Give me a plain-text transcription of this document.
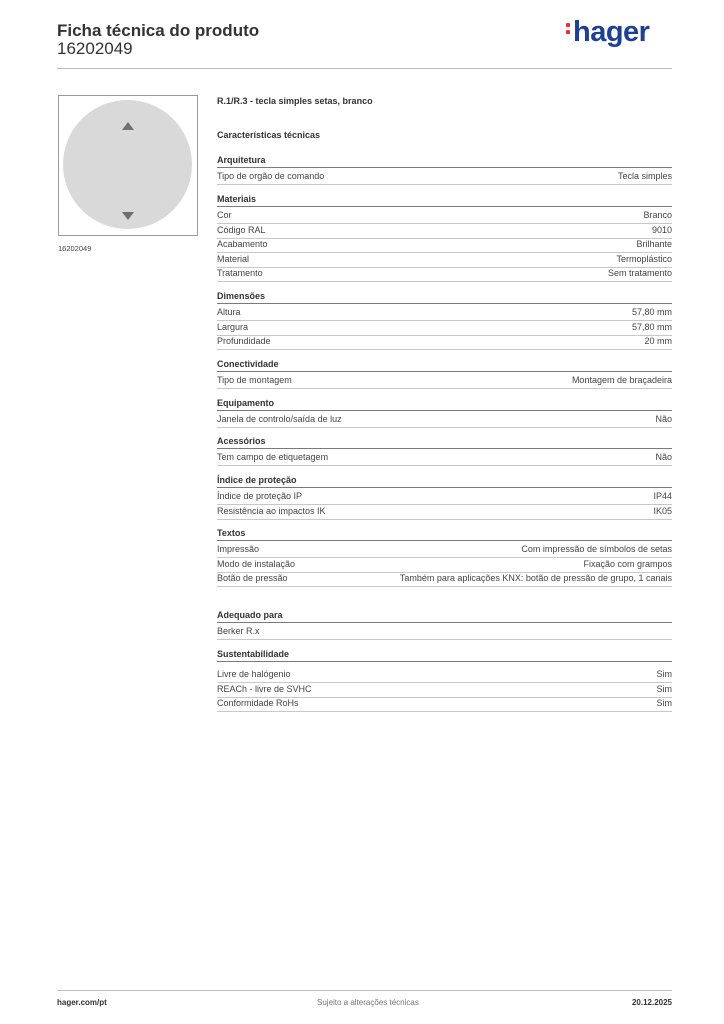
Ficha técnica do produto
16202049
hager
16202049
R.1/R.3 - tecla simples setas, branco
Características técnicas
Arquitetura
Tipo de orgão de comando	Tecla simples
Materiais
Cor	Branco
Código RAL	9010
Acabamento	Brilhante
Material	Termoplástico
Tratamento	Sem tratamento
Dimensões
Altura	57,80 mm
Largura	57,80 mm
Profundidade	20 mm
Conectividade
Tipo de montagem	Montagem de braçadeira
Equipamento
Janela de controlo/saída de luz	Não
Acessórios
Tem campo de etiquetagem	Não
Índice de proteção
Índice de proteção IP	IP44
Resistência ao impactos IK	IK05
Textos
Impressão	Com impressão de símbolos de setas
Modo de instalação	Fixação com grampos
Botão de pressão	Também para aplicações KNX: botão de pressão de grupo, 1 canais
Adequado para
Berker R.x
Sustentabilidade
Livre de halógenio	Sim
REACh - livre de SVHC	Sim
Conformidade RoHs	Sim
hager.com/pt	Sujeito a alterações técnicas	20.12.2025
